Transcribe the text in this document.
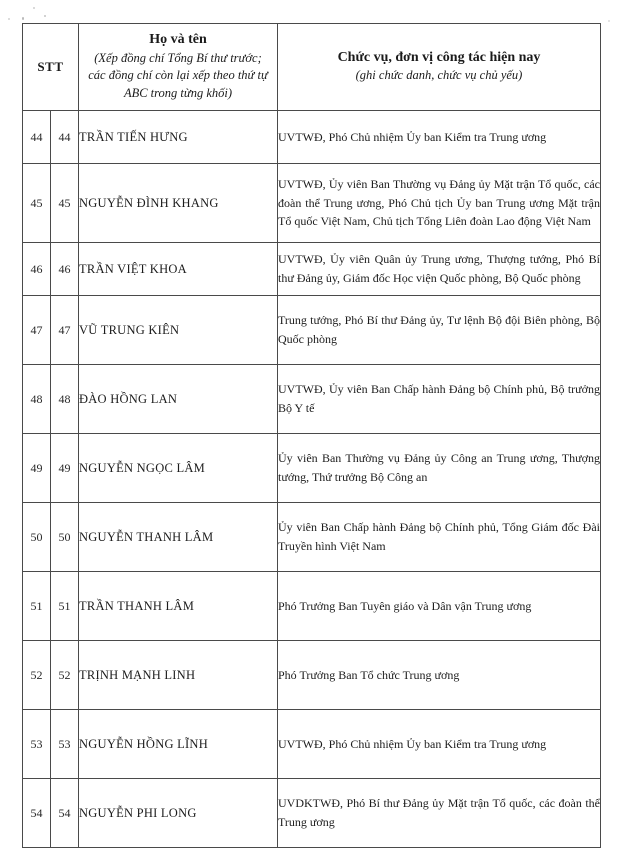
STT	
Họ và tên
(Xếp đồng chí Tổng Bí thư trước;
các đồng chí còn lại xếp theo thứ tự
ABC trong từng khối)

Chức vụ, đơn vị công tác hiện nay
(ghi chức danh, chức vụ chủ yếu)

44	44	TRẦN TIẾN HƯNG	UVTWĐ, Phó Chủ nhiệm Ủy ban Kiểm tra Trung ương
45	45	NGUYỄN ĐÌNH KHANG	UVTWĐ, Ủy viên Ban Thường vụ Đảng ủy Mặt trận Tổ quốc, các đoàn thể Trung ương, Phó Chủ tịch Ủy ban Trung ương Mặt trận Tổ quốc Việt Nam, Chủ tịch Tổng Liên đoàn Lao động Việt Nam
46	46	TRẦN VIỆT KHOA	UVTWĐ, Ủy viên Quân ủy Trung ương, Thượng tướng, Phó Bí thư Đảng ủy, Giám đốc Học viện Quốc phòng, Bộ Quốc phòng
47	47	VŨ TRUNG KIÊN	Trung tướng, Phó Bí thư Đảng ủy, Tư lệnh Bộ đội Biên phòng, Bộ Quốc phòng
48	48	ĐÀO HỒNG LAN	UVTWĐ, Ủy viên Ban Chấp hành Đảng bộ Chính phủ, Bộ trưởng Bộ Y tế
49	49	NGUYỄN NGỌC LÂM	Ủy viên Ban Thường vụ Đảng ủy Công an Trung ương, Thượng tướng, Thứ trưởng Bộ Công an
50	50	NGUYỄN THANH LÂM	Ủy viên Ban Chấp hành Đảng bộ Chính phủ, Tổng Giám đốc Đài Truyền hình Việt Nam
51	51	TRẦN THANH LÂM	Phó Trưởng Ban Tuyên giáo và Dân vận Trung ương
52	52	TRỊNH MẠNH LINH	Phó Trưởng Ban Tổ chức Trung ương
53	53	NGUYỄN HỒNG LĨNH	UVTWĐ, Phó Chủ nhiệm Ủy ban Kiểm tra Trung ương
54	54	NGUYỄN PHI LONG	UVDKTWĐ, Phó Bí thư Đảng ủy Mặt trận Tổ quốc, các đoàn thể Trung ương
